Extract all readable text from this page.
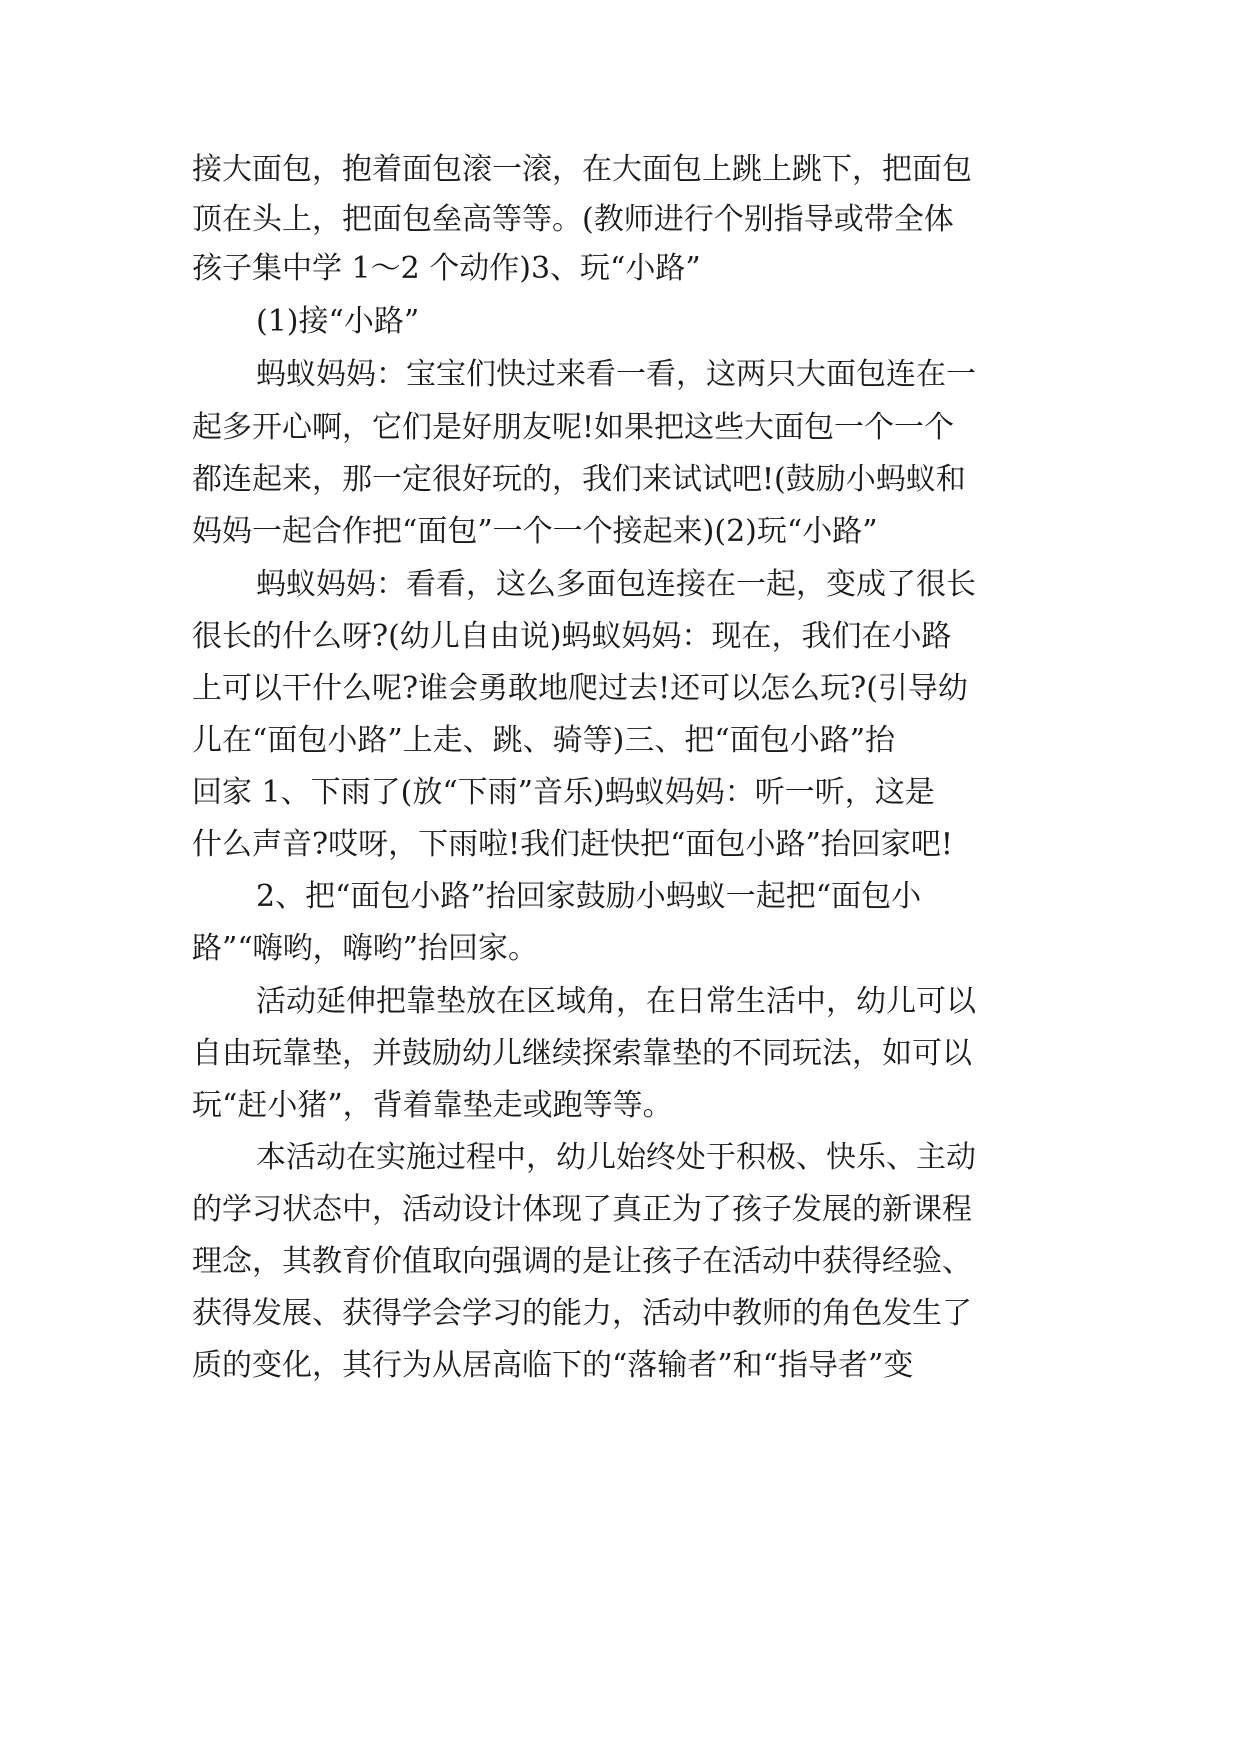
接大面包，抱着面包滚一滚，在大面包上跳上跳下，把面包
顶在头上，把面包垒高等等。(教师进行个别指导或带全体
孩子集中学 1～2 个动作)3、玩“小路”
(1)接“小路”
蚂蚁妈妈：宝宝们快过来看一看，这两只大面包连在一
起多开心啊，它们是好朋友呢!如果把这些大面包一个一个
都连起来，那一定很好玩的，我们来试试吧!(鼓励小蚂蚁和
妈妈一起合作把“面包”一个一个接起来)(2)玩“小路”
蚂蚁妈妈：看看，这么多面包连接在一起，变成了很长
很长的什么呀?(幼儿自由说)蚂蚁妈妈：现在，我们在小路
上可以干什么呢?谁会勇敢地爬过去!还可以怎么玩?(引导幼
儿在“面包小路”上走、跳、骑等)三、把“面包小路”抬
回家 1、下雨了(放“下雨”音乐)蚂蚁妈妈：听一听，这是
什么声音?哎呀，下雨啦!我们赶快把“面包小路”抬回家吧!
2、把“面包小路”抬回家鼓励小蚂蚁一起把“面包小
路”“嗨哟，嗨哟”抬回家。
活动延伸把靠垫放在区域角，在日常生活中，幼儿可以
自由玩靠垫，并鼓励幼儿继续探索靠垫的不同玩法，如可以
玩“赶小猪”，背着靠垫走或跑等等。
本活动在实施过程中，幼儿始终处于积极、快乐、主动
的学习状态中，活动设计体现了真正为了孩子发展的新课程
理念，其教育价值取向强调的是让孩子在活动中获得经验、
获得发展、获得学会学习的能力，活动中教师的角色发生了
质的变化，其行为从居高临下的“落输者”和“指导者”变
